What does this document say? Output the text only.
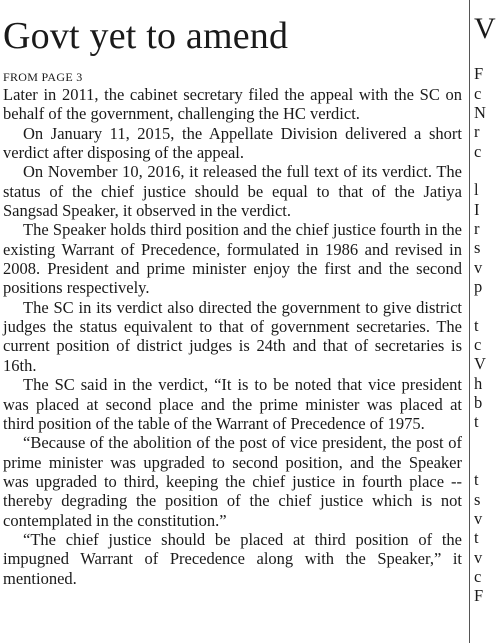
Govt yet to amend
FROM PAGE 3

Later in 2011, the cabinet secretary filed the appeal with the SC on behalf of the government, challenging the HC verdict.

On January 11, 2015, the Appellate Division delivered a short verdict after disposing of the appeal.

On November 10, 2016, it released the full text of its verdict. The status of the chief justice should be equal to that of the Jatiya Sangsad Speaker, it observed in the verdict.

The Speaker holds third position and the chief justice fourth in the existing Warrant of Precedence, formulated in 1986 and revised in 2008. President and prime minister enjoy the first and the second positions respectively.

The SC in its verdict also directed the government to give district judges the status equivalent to that of government secretaries. The current position of district judges is 24th and that of secretaries is 16th.

The SC said in the verdict, “It is to be noted that vice president was placed at second place and the prime minister was placed at third position of the table of the Warrant of Precedence of 1975.

“Because of the abolition of the post of vice president, the post of prime minister was upgraded to second position, and the Speaker was upgraded to third, keeping the chief justice in fourth place -- thereby degrading the position of the chief justice which is not contemplated in the constitution.”

“The chief justice should be placed at third position of the impugned Warrant of Precedence along with the Speaker,” it mentioned.

V
F
c
N
r
c
l
I
r
s
v
p
t
c
V
h
b
t
t
s
v
t
v
c
F
